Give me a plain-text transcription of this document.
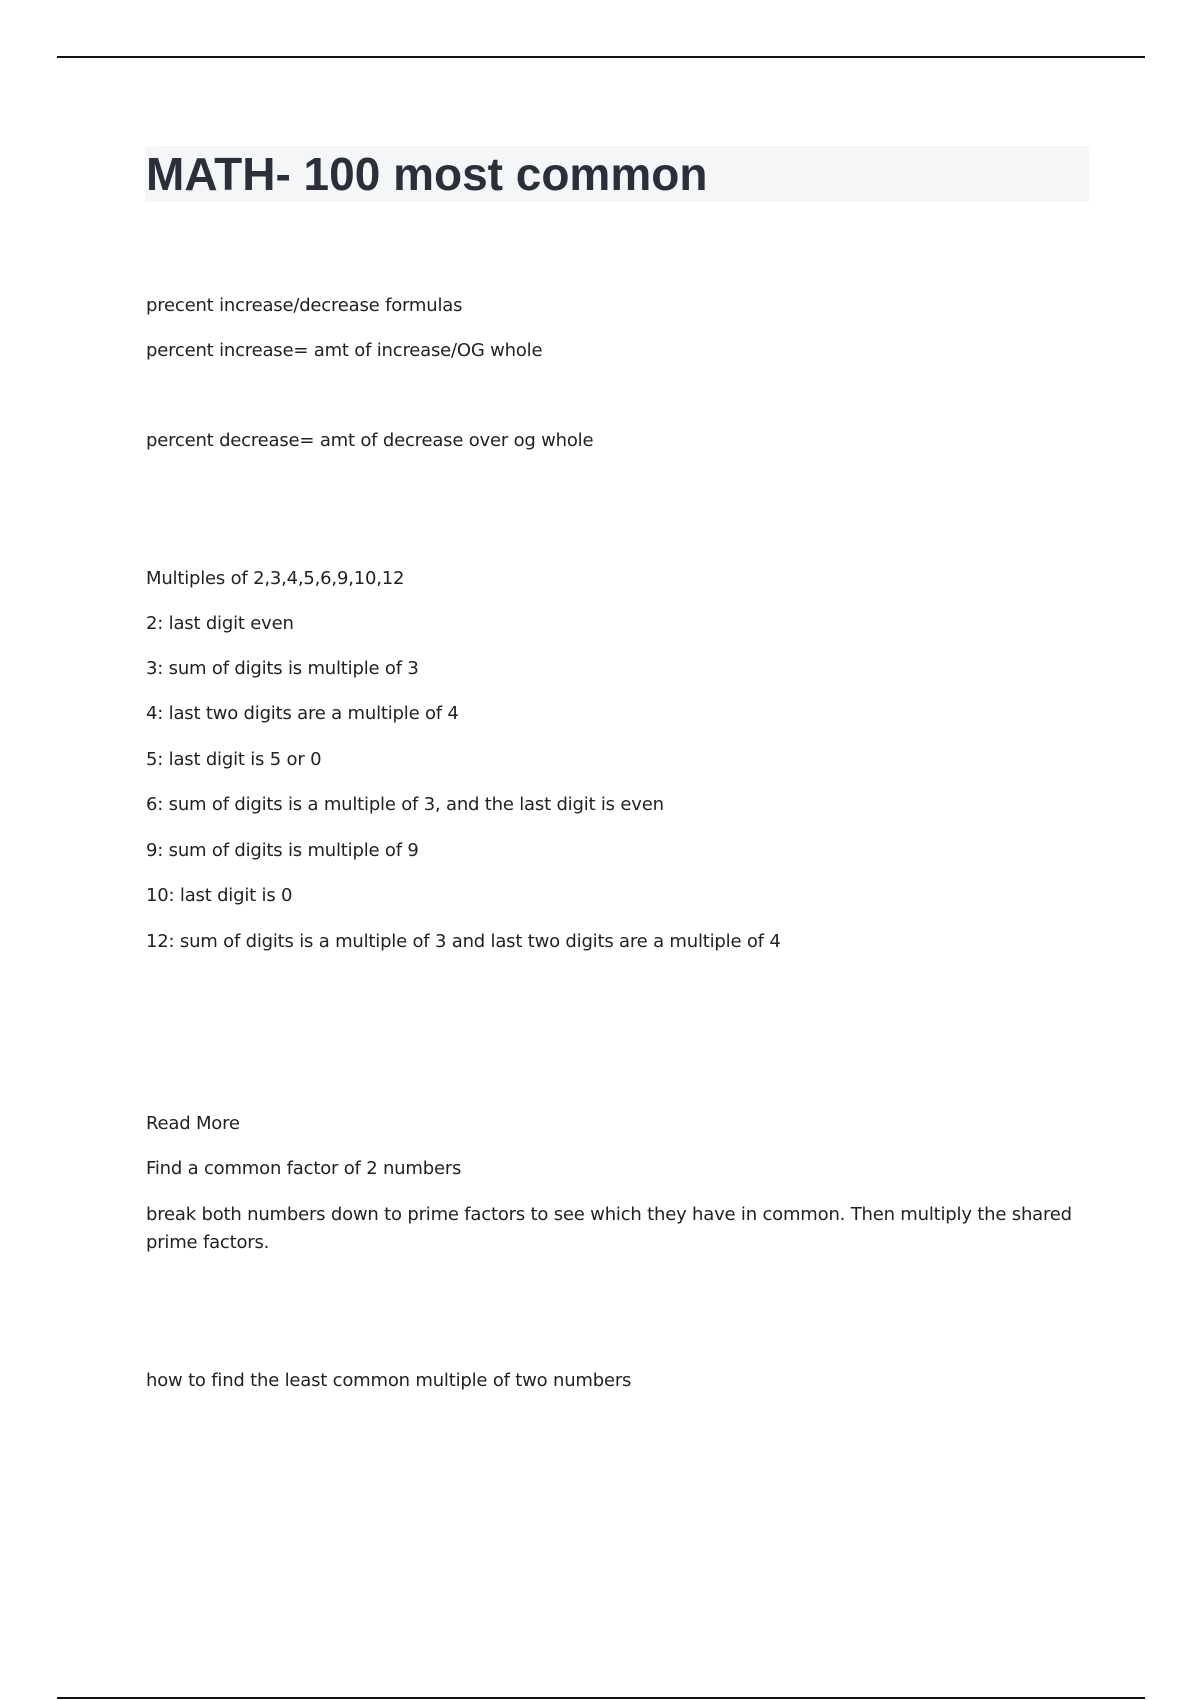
MATH- 100 most common

precent increase/decrease formulas

percent increase= amt of increase/OG whole

percent decrease= amt of decrease over og whole

Multiples of 2,3,4,5,6,9,10,12

2: last digit even

3: sum of digits is multiple of 3

4: last two digits are a multiple of 4

5: last digit is 5 or 0

6: sum of digits is a multiple of 3, and the last digit is even

9: sum of digits is multiple of 9

10: last digit is 0

12: sum of digits is a multiple of 3 and last two digits are a multiple of 4

Read More

Find a common factor of 2 numbers

break both numbers down to prime factors to see which they have in common. Then multiply the shared prime factors.

how to find the least common multiple of two numbers
